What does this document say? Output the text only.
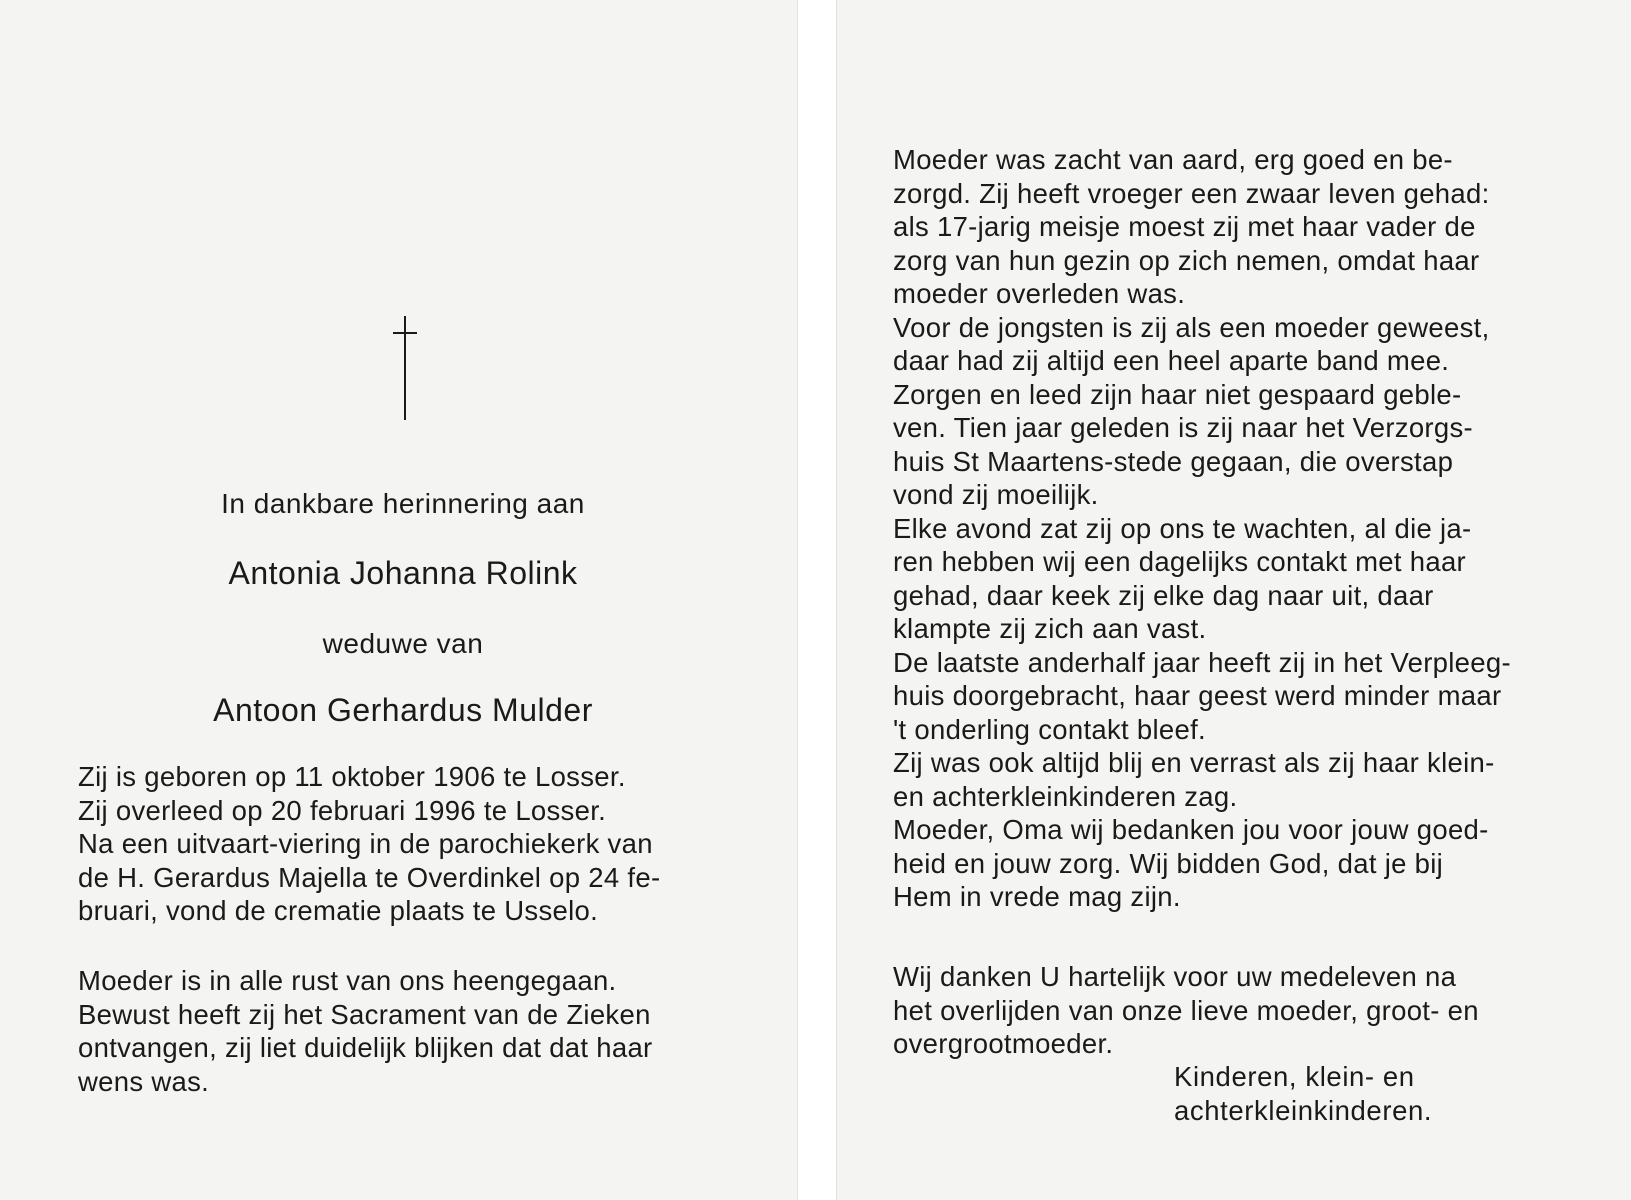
In dankbare herinnering aan
Antonia Johanna Rolink
weduwe van
Antoon Gerhardus Mulder
Zij is geboren op 11 oktober 1906 te Losser.
Zij overleed op 20 februari 1996 te Losser.
Na een uitvaart-viering in de parochiekerk van
de H. Gerardus Majella te Overdinkel op 24 fe-
bruari, vond de crematie plaats te Usselo.
Moeder is in alle rust van ons heengegaan.
Bewust heeft zij het Sacrament van de Zieken
ontvangen, zij liet duidelijk blijken dat dat haar
wens was.
Moeder was zacht van aard, erg goed en be-
zorgd. Zij heeft vroeger een zwaar leven gehad:
als 17-jarig meisje moest zij met haar vader de
zorg van hun gezin op zich nemen, omdat haar
moeder overleden was.
Voor de jongsten is zij als een moeder geweest,
daar had zij altijd een heel aparte band mee.
Zorgen en leed zijn haar niet gespaard geble-
ven. Tien jaar geleden is zij naar het Verzorgs-
huis St Maartens-stede gegaan, die overstap
vond zij moeilijk.
Elke avond zat zij op ons te wachten, al die ja-
ren hebben wij een dagelijks contakt met haar
gehad, daar keek zij elke dag naar uit, daar
klampte zij zich aan vast.
De laatste anderhalf jaar heeft zij in het Verpleeg-
huis doorgebracht, haar geest werd minder maar
't onderling contakt bleef.
Zij was ook altijd blij en verrast als zij haar klein-
en achterkleinkinderen zag.
Moeder, Oma wij bedanken jou voor jouw goed-
heid en jouw zorg. Wij bidden God, dat je bij
Hem in vrede mag zijn.
Wij danken U hartelijk voor uw medeleven na
het overlijden van onze lieve moeder, groot- en
overgrootmoeder.
Kinderen, klein- en
achterkleinkinderen.
